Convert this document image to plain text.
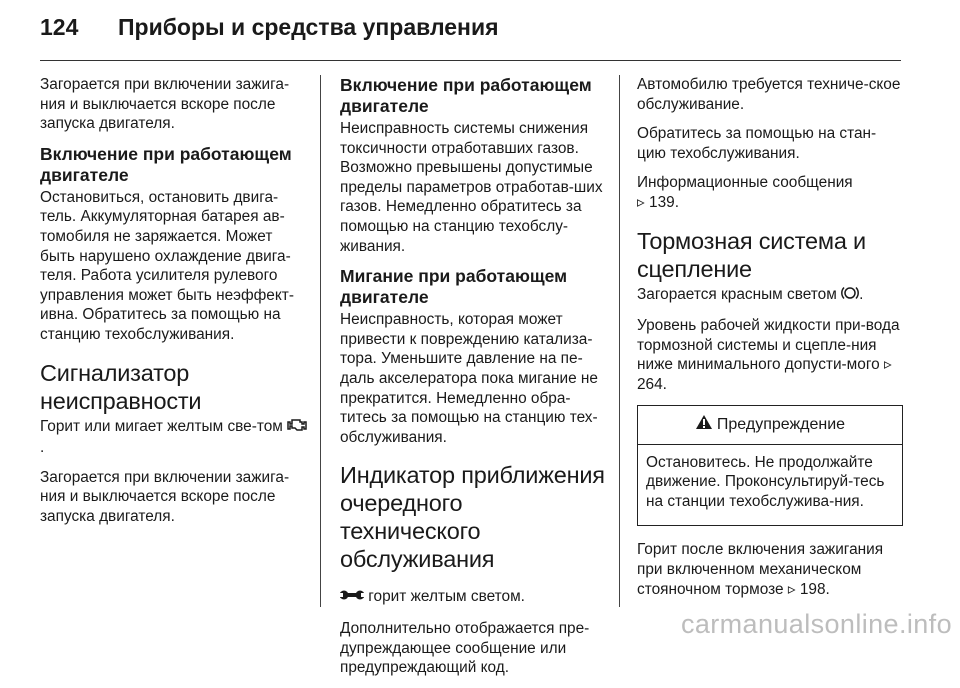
124 Приборы и средства управления

Загорается при включении зажига-ния и выключается вскоре после запуска двигателя.

Включение при работающем двигателе

Остановиться, остановить двига-тель. Аккумуляторная батарея ав-томобиля не заряжается. Может быть нарушено охлаждение двига-теля. Работа усилителя рулевого управления может быть неэффект-ивна. Обратитесь за помощью на станцию техобслуживания.

Сигнализатор неисправности

Горит или мигает желтым све-том .

Загорается при включении зажига-ния и выключается вскоре после запуска двигателя.

Включение при работающем двигателе

Неисправность системы снижения токсичности отработавших газов. Возможно превышены допустимые пределы параметров отработав-ших газов. Немедленно обратитесь за помощью на станцию техобслу-живания.

Мигание при работающем двигателе

Неисправность, которая может привести к повреждению катализа-тора. Уменьшите давление на пе-даль акселератора пока мигание не прекратится. Немедленно обра-титесь за помощью на станцию тех-обслуживания.

Индикатор приближения очередного технического обслуживания

горит желтым светом.

Дополнительно отображается пре-дупреждающее сообщение или предупреждающий код.

Автомобилю требуется техниче-ское обслуживание.

Обратитесь за помощью на стан-цию техобслуживания.

Информационные сообщения
▹ 139.

Тормозная система и сцепление

Загорается красным светом .

Уровень рабочей жидкости при-вода тормозной системы и сцепле-ния ниже минимального допусти-мого ▹ 264.

Предупреждение

Остановитесь. Не продолжайте движение. Проконсультируй-тесь на станции техобслужива-ния.

Горит после включения зажигания при включенном механическом стояночном тормозе ▹ 198.

carmanualsonline.info
